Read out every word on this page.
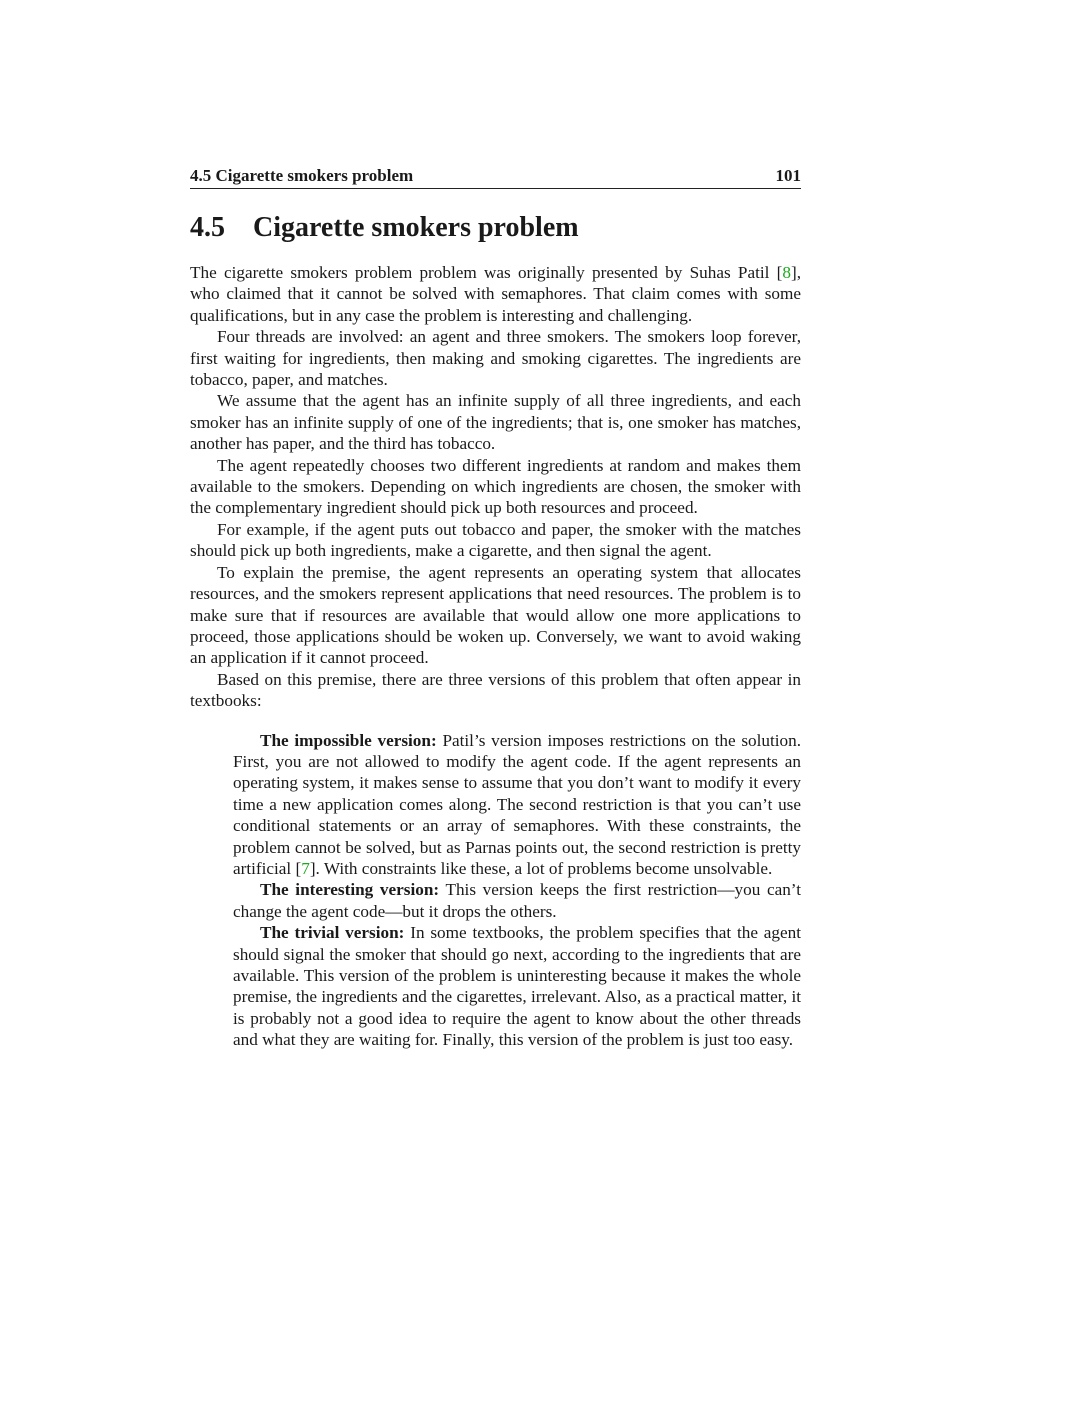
4.5 Cigarette smokers problem	101
4.5 Cigarette smokers problem

The cigarette smokers problem problem was originally presented by Suhas Patil [8], who claimed that it cannot be solved with semaphores. That claim comes with some qualifications, but in any case the problem is interesting and challenging.

Four threads are involved: an agent and three smokers. The smokers loop forever, first waiting for ingredients, then making and smoking cigarettes. The ingredients are tobacco, paper, and matches.

We assume that the agent has an infinite supply of all three ingredients, and each smoker has an infinite supply of one of the ingredients; that is, one smoker has matches, another has paper, and the third has tobacco.

The agent repeatedly chooses two different ingredients at random and makes them available to the smokers. Depending on which ingredients are chosen, the smoker with the complementary ingredient should pick up both resources and proceed.

For example, if the agent puts out tobacco and paper, the smoker with the matches should pick up both ingredients, make a cigarette, and then signal the agent.

To explain the premise, the agent represents an operating system that allocates resources, and the smokers represent applications that need resources. The problem is to make sure that if resources are available that would allow one more applications to proceed, those applications should be woken up. Conversely, we want to avoid waking an application if it cannot proceed.

Based on this premise, there are three versions of this problem that often appear in textbooks:

The impossible version: Patil’s version imposes restrictions on the solution. First, you are not allowed to modify the agent code. If the agent represents an operating system, it makes sense to assume that you don’t want to modify it every time a new application comes along. The second restriction is that you can’t use conditional statements or an array of semaphores. With these constraints, the problem cannot be solved, but as Parnas points out, the second restriction is pretty artificial [7]. With constraints like these, a lot of problems become unsolvable.

The interesting version: This version keeps the first restriction—you can’t change the agent code—but it drops the others.

The trivial version: In some textbooks, the problem specifies that the agent should signal the smoker that should go next, according to the ingredients that are available. This version of the problem is uninteresting because it makes the whole premise, the ingredients and the cigarettes, irrelevant. Also, as a practical matter, it is probably not a good idea to require the agent to know about the other threads and what they are waiting for. Finally, this version of the problem is just too easy.
